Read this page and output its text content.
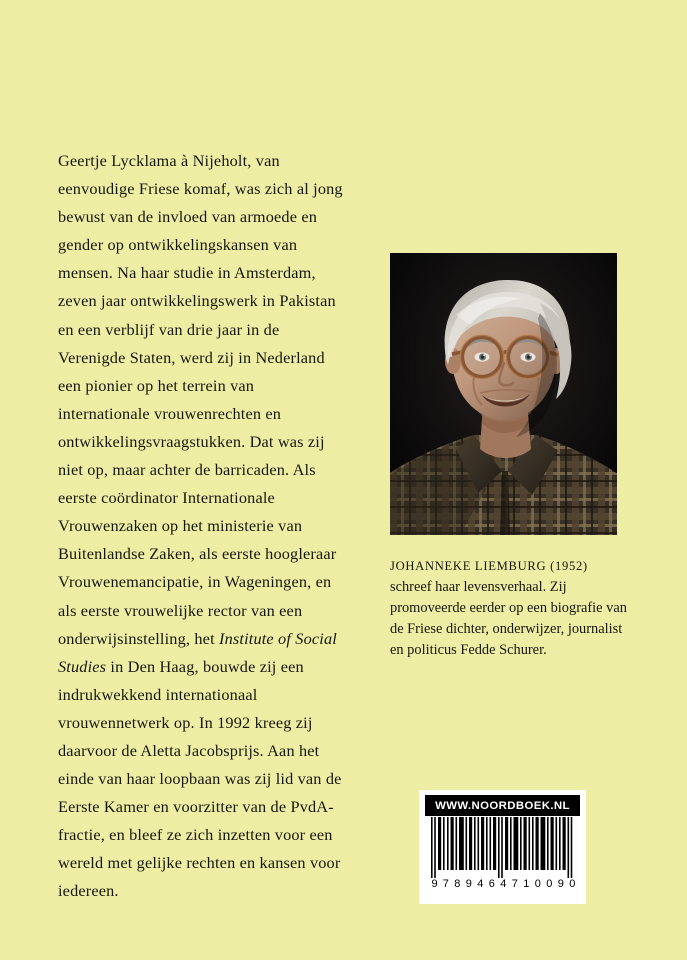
Geertje Lycklama à Nijeholt, van eenvoudige Friese komaf, was zich al jong bewust van de invloed van armoede en gender op ontwikkelingskansen van mensen. Na haar studie in Amsterdam, zeven jaar ontwikkelingswerk in Pakistan en een verblijf van drie jaar in de Verenigde Staten, werd zij in Nederland een pionier op het terrein van internationale vrouwenrechten en ontwikkelingsvraagstukken. Dat was zij niet op, maar achter de barricaden. Als eerste coördinator Internationale Vrouwenzaken op het ministerie van Buitenlandse Zaken, als eerste hoogleraar Vrouwenemancipatie, in Wageningen, en als eerste vrouwelijke rector van een onderwijsinstelling, het Institute of Social Studies in Den Haag, bouwde zij een indrukwekkend internationaal vrouwennetwerk op. In 1992 kreeg zij daarvoor de Aletta Jacobsprijs. Aan het einde van haar loopbaan was zij lid van de Eerste Kamer en voorzitter van de PvdA-fractie, en bleef ze zich inzetten voor een wereld met gelijke rechten en kansen voor iedereen.
JOHANNEKE LIEMBURG (1952) schreef haar levensverhaal. Zij promoveerde eerder op een biografie van de Friese dichter, onderwijzer, journalist en politicus Fedde Schurer.
WWW.NOORDBOEK.NL
9 7 8 9 4 6 4 7 1 0 0 9 0
